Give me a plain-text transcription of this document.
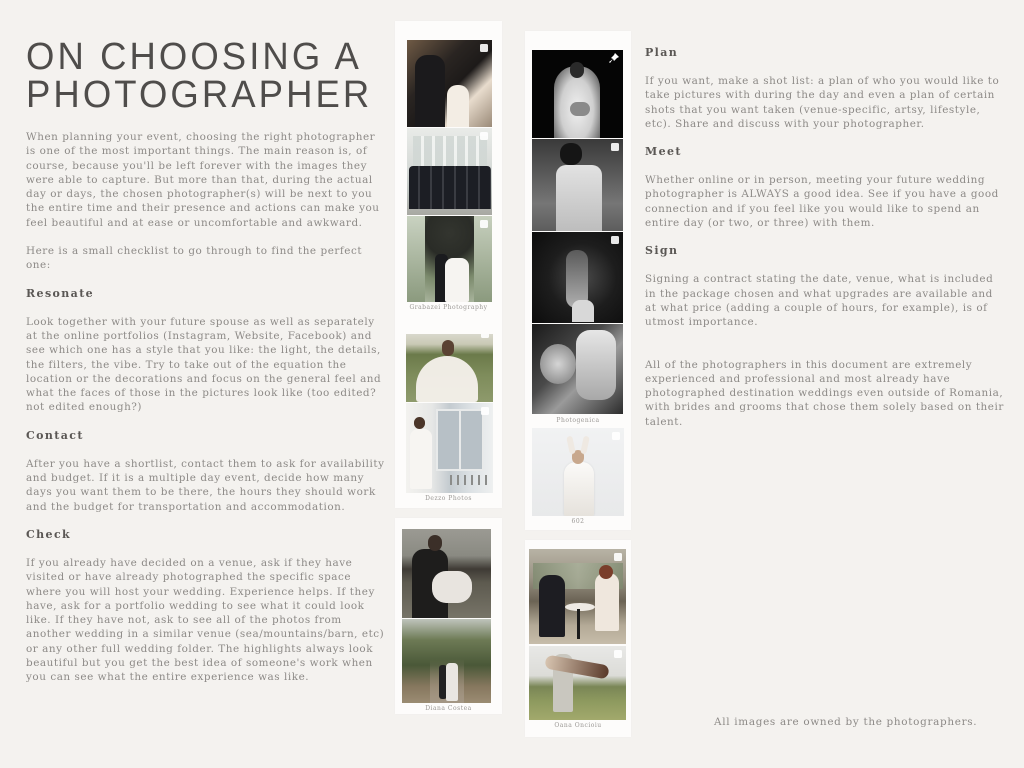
ON CHOOSING A PHOTOGRAPHER

When planning your event, choosing the right photographer is one of the most important things. The main reason is, of course, because you'll be left forever with the images they were able to capture. But more than that, during the actual day or days, the chosen photographer(s) will be next to you the entire time and their presence and actions can make you feel beautiful and at ease or uncomfortable and awkward.

Here is a small checklist to go through to find the perfect one:

Resonate

Look together with your future spouse as well as separately at the online portfolios (Instagram, Website, Facebook) and see which one has a style that you like: the light, the details, the filters, the vibe. Try to take out of the equation the location or the decorations and focus on the general feel and what the faces of those in the pictures look like (too edited? not edited enough?)

Contact

After you have a shortlist, contact them to ask for availability and budget. If it is a multiple day event, decide how many days you want them to be there, the hours they should work and the budget for transportation and accommodation.

Check

If you already have decided on a venue, ask if they have visited or have already photographed the specific space where you will host your wedding. Experience helps. If they have, ask for a portfolio wedding to see what it could look like. If they have not, ask to see all of the photos from another wedding in a similar venue (sea/mountains/barn, etc) or any other full wedding folder. The highlights always look beautiful but you get the best idea of someone's work when you can see what the entire experience was like.

Plan

If you want, make a shot list: a plan of who you would like to take pictures with during the day and even a plan of certain shots that you want taken (venue-specific, artsy, lifestyle, etc). Share and discuss with your photographer.

Meet

Whether online or in person, meeting your future wedding photographer is ALWAYS a good idea. See if you have a good connection and if you feel like you would like to spend an entire day (or two, or three) with them.

Sign

Signing a contract stating the date, venue, what is included in the package chosen and what upgrades are available and at what price (adding a couple of hours, for example), is of utmost importance.

All of the photographers in this document are extremely experienced and professional and most already have photographed destination weddings even outside of Romania, with brides and grooms that chose them solely based on their talent.

All images are owned by the photographers.
Grabazei Photography
Dezzo Photos
Diana Costea
Photogenica
602
Oana Oncioiu
